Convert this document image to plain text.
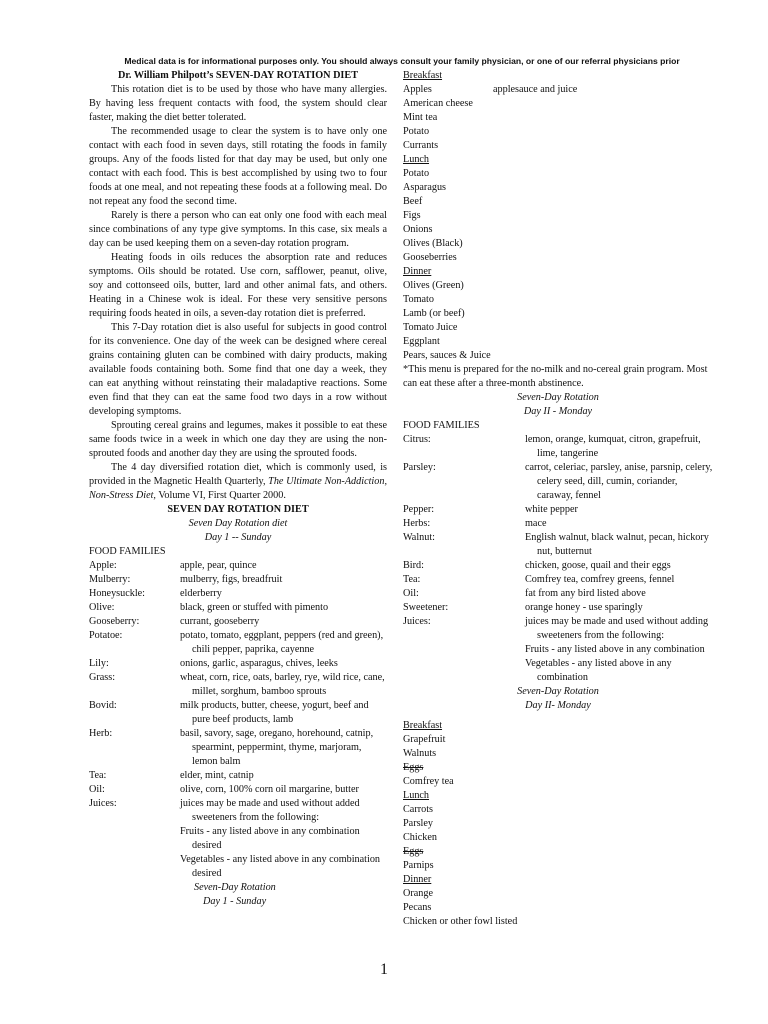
Medical data is for informational purposes only. You should always consult your family physician, or one of our referral physicians prior
Dr. William Philpott’s SEVEN-DAY ROTATION DIET

This rotation diet is to be used by those who have many allergies. By having less frequent contacts with food, the system should clear faster, making the diet better tolerated.

The recommended usage to clear the system is to have only one contact with each food in seven days, still rotating the foods in family groups. Any of the foods listed for that day may be used, but only one contact with each food. This is best accomplished by using two to four foods at one meal, and not repeating these foods at a following meal. Do not repeat any food the second time.

Rarely is there a person who can eat only one food with each meal since combinations of any type give symptoms. In this case, six meals a day can be used keeping them on a seven-day rotation program.

Heating foods in oils reduces the absorption rate and reduces symptoms. Oils should be rotated. Use corn, safflower, peanut, olive, soy and cottonseed oils, butter, lard and other animal fats, and others. Heating in a Chinese wok is ideal. For these very sensitive persons requiring foods heated in oils, a seven-day rotation diet is preferred.

This 7-Day rotation diet is also useful for subjects in good control for its convenience. One day of the week can be designed where cereal grains containing gluten can be combined with dairy products, making available foods containing both. Some find that one day a week, they can eat anything without reinstating their maladaptive reactions. Some even find that they can eat the same food two days in a row without developing symptoms.

Sprouting cereal grains and legumes, makes it possible to eat these same foods twice in a week in which one day they are using the non-sprouted foods and another day they are using the sprouted foods.

The 4 day diversified rotation diet, which is commonly used, is provided in the Magnetic Health Quarterly, The Ultimate Non-Addiction, Non-Stress Diet, Volume VI, First Quarter 2000.

SEVEN DAY ROTATION DIET
Seven Day Rotation diet
Day 1 -- Sunday
FOOD FAMILIES
Apple:	apple, pear, quince
Mulberry:	mulberry, figs, breadfruit
Honeysuckle:	elderberry
Olive:	black, green or stuffed with pimento
Gooseberry:	currant, gooseberry
Potatoe:	potato, tomato, eggplant, peppers (red and green), chili pepper, paprika, cayenne
Lily:	onions, garlic, asparagus, chives, leeks
Grass:	wheat, corn, rice, oats, barley, rye, wild rice, cane, millet, sorghum, bamboo sprouts
Bovid:	milk products, butter, cheese, yogurt, beef and pure beef products, lamb
Herb:	basil, savory, sage, oregano, horehound, catnip, spearmint, peppermint, thyme, marjoram, lemon balm
Tea:	elder, mint, catnip
Oil:	olive, corn, 100% corn oil margarine, butter
Juices:	juices may be made and used without added sweeteners from the following:
Fruits - any listed above in any combination desired
Vegetables - any listed above in any combination desired
Seven-Day Rotation
Day 1 - Sunday
Breakfast
Apples	applesauce and juice
American cheese
Mint tea
Potato
Currants
Lunch
Potato
Asparagus
Beef
Figs
Onions
Olives (Black)
Gooseberries
Dinner
Olives (Green)
Tomato
Lamb (or beef)
Tomato Juice
Eggplant
Pears, sauces & Juice
*This menu is prepared for the no-milk and no-cereal grain program. Most can eat these after a three-month abstinence.
Seven-Day Rotation
Day II - Monday
FOOD FAMILIES
Citrus:	lemon, orange, kumquat, citron, grapefruit, lime, tangerine
Parsley:	carrot, celeriac, parsley, anise, parsnip, celery, celery seed, dill, cumin, coriander, caraway, fennel
Pepper:	white pepper
Herbs:	mace
Walnut:	English walnut, black walnut, pecan, hickory nut, butternut
Bird:	chicken, goose, quail and their eggs
Tea:	Comfrey tea, comfrey greens, fennel
Oil:	fat from any bird listed above
Sweetener:	orange honey - use sparingly
Juices:	juices may be made and used without adding sweeteners from the following:
Fruits - any listed above in any combination
Vegetables - any listed above in any combination
Seven-Day Rotation
Day II- Monday
Breakfast
Grapefruit
Walnuts
Eggs
Comfrey tea
Lunch
Carrots
Parsley
Chicken
Eggs
Parnips
Dinner
Orange
Pecans
Chicken or other fowl listed
1
